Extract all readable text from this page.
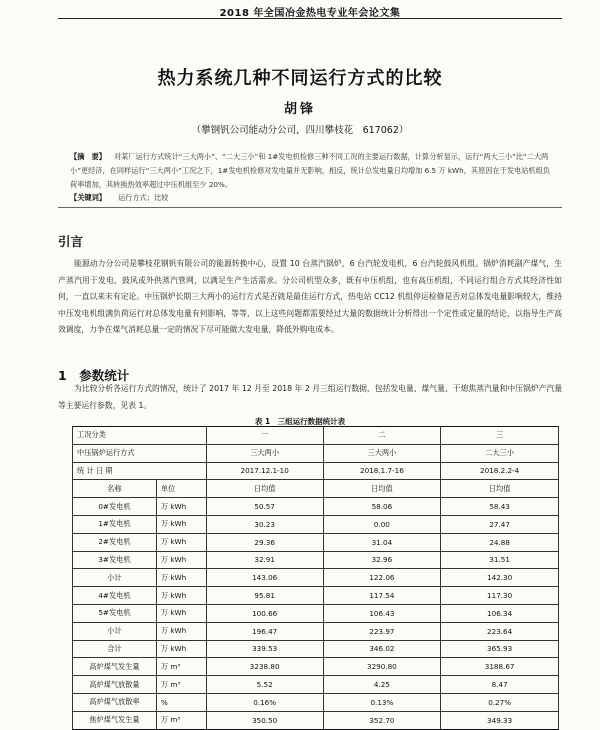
2018 年全国冶金热电专业年会论文集
热力系统几种不同运行方式的比较
胡锋
（攀钢钒公司能动分公司，四川攀枝花　617062）
【摘　要】 对某厂运行方式统计“三大两小”、“二大三小”和 1#发电机检修三种不同工况的主要运行数据，计算分析显示，运行“两大三小”比“二大两小”更经济，在同样运行“三大两小”工况之下，1#发电机检修对发电量并无影响，相反，统计总发电量日均增加 6.5 万 kWh，其原因在于发电站机组负荷率增加，其转换热效率超过中压机组至少 20%。
【关键词】 运行方式；比较
引言
能源动力分公司是攀枝花钢钒有限公司的能源转换中心，设置 10 台蒸汽锅炉，6 台汽轮发电机，6 台汽轮鼓风机组。锅炉消耗副产煤气，生产蒸汽用于发电、鼓风或外供蒸汽管网，以满足生产生活需求。分公司机型众多，既有中压机组，也有高压机组，不同运行组合方式其经济性如何，一直以来未有定论。中压锅炉长期三大两小的运行方式是否就是最佳运行方式，热电站 CC12 机组停运检修是否对总体发电量影响较大，维持中压发电机组满负荷运行对总体发电量有何影响，等等，以上这些问题都需要经过大量的数据统计分析得出一个定性或定量的结论，以指导生产高效调度，力争在煤气消耗总量一定的情况下尽可能做大发电量，降低外购电成本。
1　参数统计
为比较分析各运行方式的情况，统计了 2017 年 12 月至 2018 年 2 月三组运行数据，包括发电量、煤气量、干熄焦蒸汽量和中压锅炉产汽量等主要运行参数，见表 1。
表 1　三组运行数据统计表
工况分类		一	二	三
中压锅炉运行方式		三大两小	三大两小	二大三小
统 计 日 期		2017.12.1-10	2018.1.7-16	2018.2.2-4
名称	单位	日均值	日均值	日均值
0#发电机	万 kWh	50.57	58.06	58.43
1#发电机	万 kWh	30.23	0.00	27.47
2#发电机	万 kWh	29.36	31.04	24.88
3#发电机	万 kWh	32.91	32.96	31.51
小计	万 kWh	143.06	122.06	142.30
4#发电机	万 kWh	95.81	117.54	117.30
5#发电机	万 kWh	100.66	106.43	106.34
小计	万 kWh	196.47	223.97	223.64
合计	万 kWh	339.53	346.02	365.93
高炉煤气发生量	万 m³	3238.80	3290.80	3188.67
高炉煤气放散量	万 m³	5.52	4.25	8.47
高炉煤气放散率	%	0.16%	0.13%	0.27%
焦炉煤气发生量	万 m³	350.50	352.70	349.33
